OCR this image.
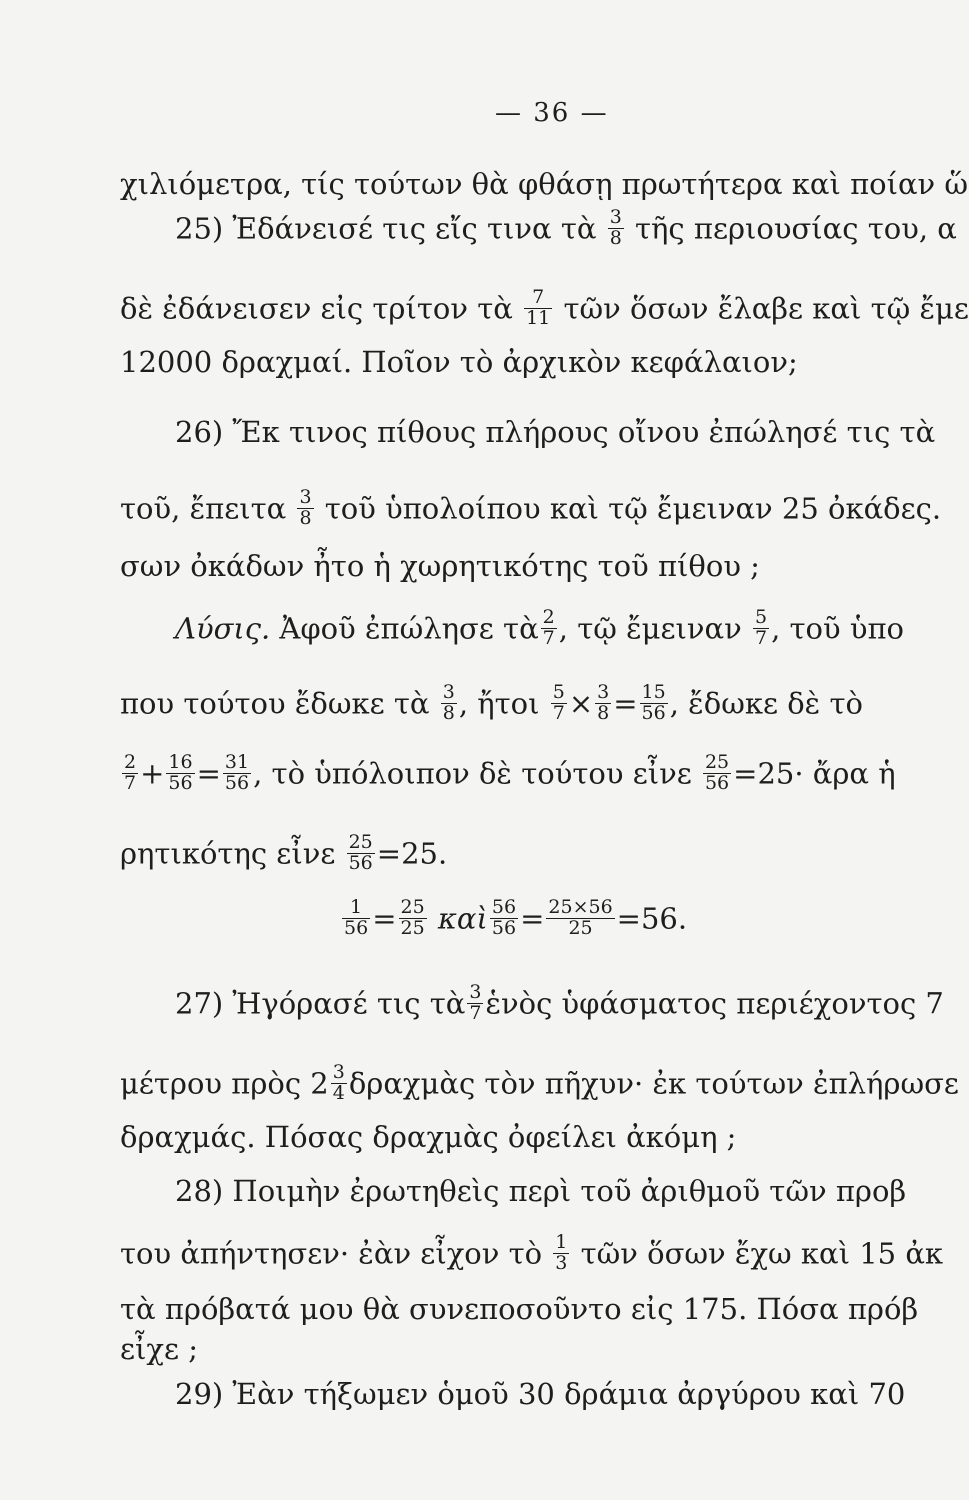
— 36 —
χιλιόμετρα, τίς τούτων θὰ φθάσῃ πρωτήτερα καὶ ποίαν ὥ
25) Ἐδάνεισέ τις εἴς τινα τὰ $\frac{3}{8}$ τῆς περιουσίας του, α
δὲ ἐδάνεισεν εἰς τρίτον τὰ $\frac{7}{11}$ τῶν ὅσων ἔλαβε καὶ τῷ ἔμε
12000 δραχμαί. Ποῖον τὸ ἀρχικὸν κεφάλαιον;
26) Ἔκ τινος πίθους πλήρους οἴνου ἐπώλησέ τις τὰ
τοῦ, ἔπειτα $\frac{3}{8}$ τοῦ ὑπολοίπου καὶ τῷ ἔμειναν 25 ὀκάδες.
σων ὀκάδων ἦτο ἡ χωρητικότης τοῦ πίθου ;
Λύσις. Ἀφοῦ ἐπώλησε τὰ $\frac{2}{7}$ , τῷ ἔμειναν $\frac{5}{7}$ , τοῦ ὑπο
που τούτου ἔδωκε τὰ $\frac{3}{8}$ , ἤτοι $\frac{5}{7} \times \frac{3}{8} = \frac{15}{56}$ , ἔδωκε δὲ τὸ
$\frac{2}{7} + \frac{16}{56} = \frac{31}{56}$ , τὸ ὑπόλοιπον δὲ τούτου εἶνε $\frac{25}{56} =25\cdot$ ἄρα ἡ
ρητικότης εἶνε $\frac{25}{56} =25$.
$\frac{1}{56} = \frac{25}{25}$ καὶ $\frac{56}{56} = \frac{25\times 56}{25} =56$.
27) Ἠγόρασέ τις τὰ $\frac{3}{7}$ ἑνὸς ὑφάσματος περιέχοντος 7
μέτρου πρὸς $2 \frac{3}{4}$ δραχμὰς τὸν πῆχυν· ἐκ τούτων ἐπλήρωσε
δραχμάς. Πόσας δραχμὰς ὀφείλει ἀκόμη ;
28) Ποιμὴν ἐρωτηθεὶς περὶ τοῦ ἀριθμοῦ τῶν προβ
του ἀπήντησεν· ἐὰν εἶχον τὸ $\frac{1}{3}$ τῶν ὅσων ἔχω καὶ 15 ἀκ
τὰ πρόβατά μου θὰ συνεποσοῦντο εἰς 175. Πόσα πρόβ
εἶχε ;
29) Ἐὰν τήξωμεν ὁμοῦ 30 δράμια ἀργύρου καὶ 70
